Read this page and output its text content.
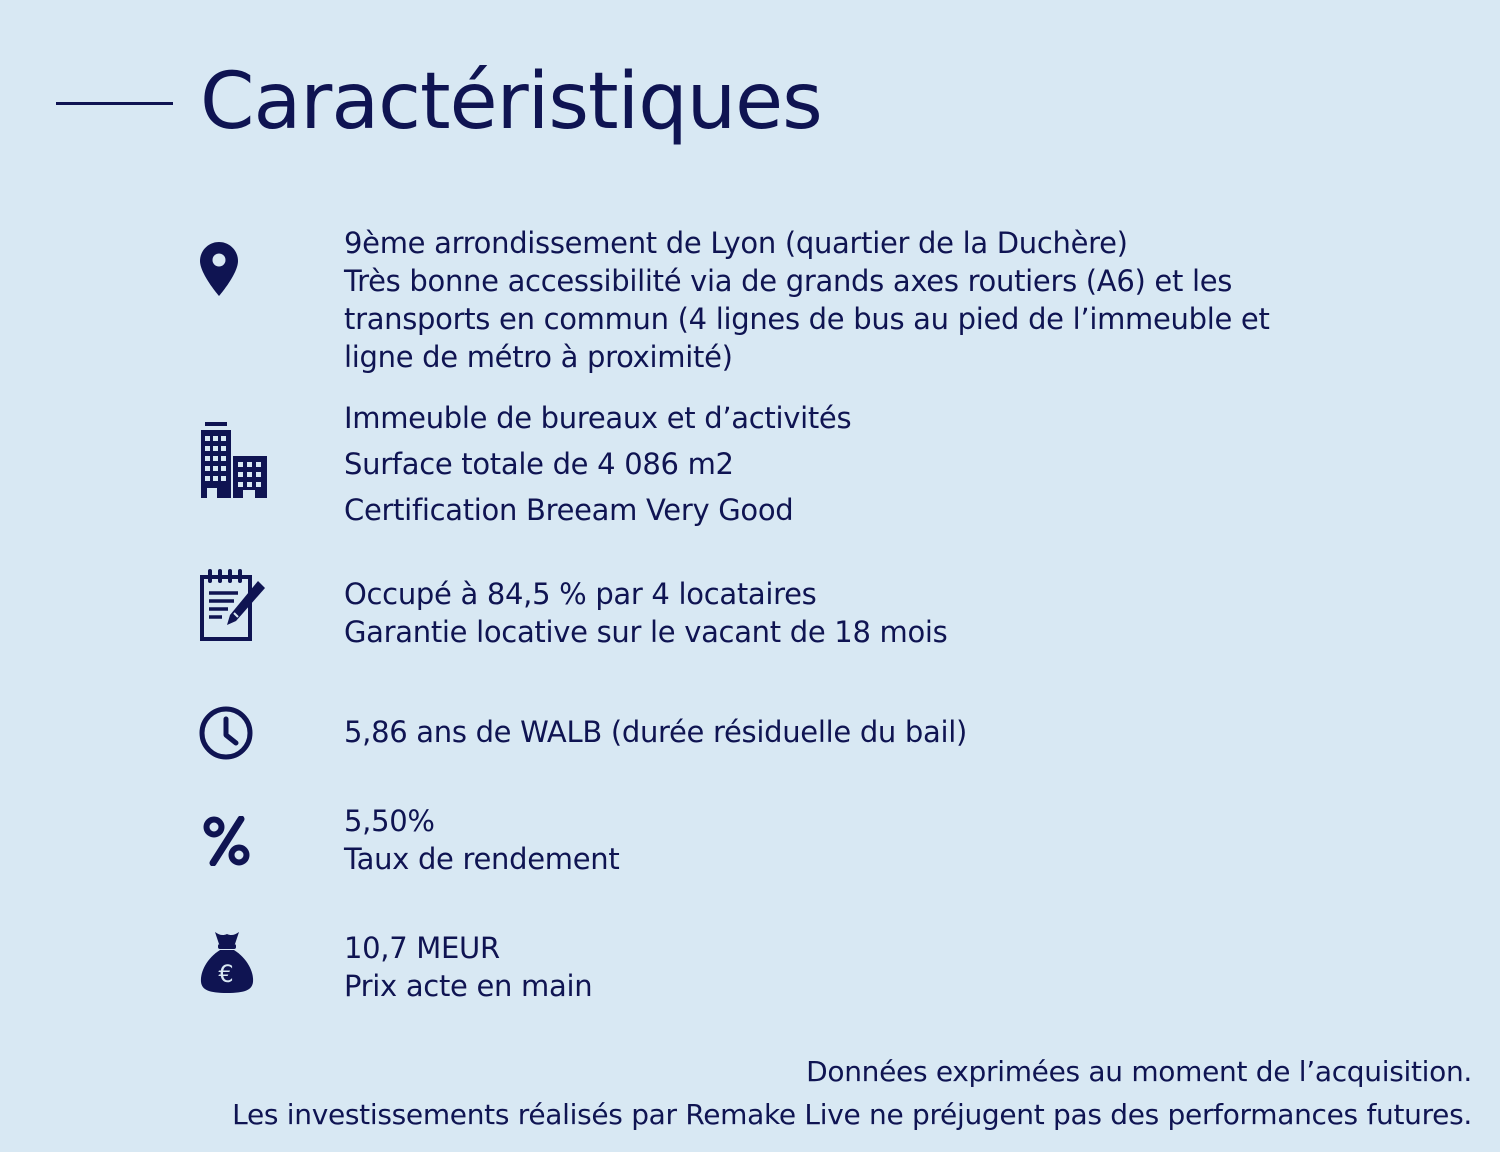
Caractéristiques
9ème arrondissement de Lyon (quartier de la Duchère)
Très bonne accessibilité via de grands axes routiers (A6) et les
transports en commun (4 lignes de bus au pied de l’immeuble et
ligne de métro à proximité)
Immeuble de bureaux et d’activités
Surface totale de 4 086 m2
Certification Breeam Very Good
Occupé à 84,5 % par 4 locataires
Garantie locative sur le vacant de 18 mois
5,86 ans de WALB (durée résiduelle du bail)
5,50%
Taux de rendement
€
10,7 MEUR
Prix acte en main
Données exprimées au moment de l’acquisition.
Les investissements réalisés par Remake Live ne préjugent pas des performances futures.
